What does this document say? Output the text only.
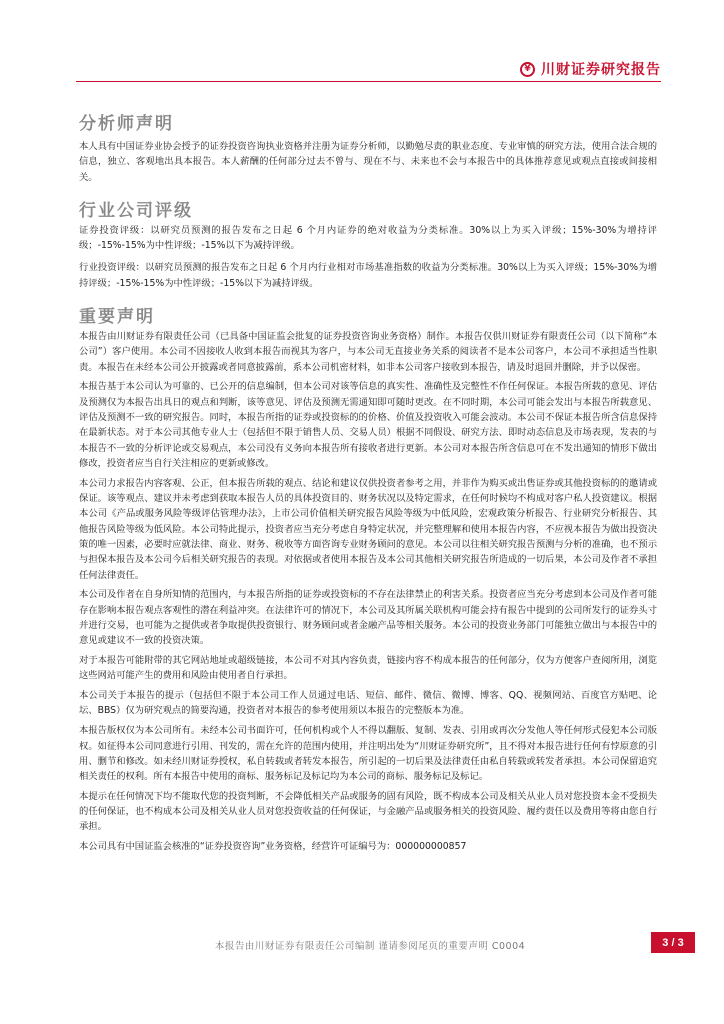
¥ 川财证券研究报告
分析师声明

本人具有中国证券业协会授予的证券投资咨询执业资格并注册为证券分析师，以勤勉尽责的职业态度、专业审慎的研究方法，使用合法合规的信息，独立、客观地出具本报告。本人薪酬的任何部分过去不曾与、现在不与、未来也不会与本报告中的具体推荐意见或观点直接或间接相关。

行业公司评级

证券投资评级：以研究员预测的报告发布之日起 6 个月内证券的绝对收益为分类标准。30%以上为买入评级；15%-30%为增持评级；-15%-15%为中性评级；-15%以下为减持评级。

行业投资评级：以研究员预测的报告发布之日起 6 个月内行业相对市场基准指数的收益为分类标准。30%以上为买入评级；15%-30%为增持评级；-15%-15%为中性评级；-15%以下为减持评级。

重要声明

本报告由川财证券有限责任公司（已具备中国证监会批复的证券投资咨询业务资格）制作。本报告仅供川财证券有限责任公司（以下简称“本公司”）客户使用。本公司不因接收人收到本报告而视其为客户，与本公司无直接业务关系的阅读者不是本公司客户，本公司不承担适当性职责。本报告在未经本公司公开披露或者同意披露前，系本公司机密材料，如非本公司客户接收到本报告，请及时退回并删除，并予以保密。

本报告基于本公司认为可靠的、已公开的信息编制，但本公司对该等信息的真实性、准确性及完整性不作任何保证。本报告所载的意见、评估及预测仅为本报告出具日的观点和判断，该等意见、评估及预测无需通知即可随时更改。在不同时期，本公司可能会发出与本报告所载意见、评估及预测不一致的研究报告。同时，本报告所指的证券或投资标的的价格、价值及投资收入可能会波动。本公司不保证本报告所含信息保持在最新状态。对于本公司其他专业人士（包括但不限于销售人员、交易人员）根据不同假设、研究方法、即时动态信息及市场表现，发表的与本报告不一致的分析评论或交易观点，本公司没有义务向本报告所有接收者进行更新。本公司对本报告所含信息可在不发出通知的情形下做出修改，投资者应当自行关注相应的更新或修改。

本公司力求报告内容客观、公正，但本报告所载的观点、结论和建议仅供投资者参考之用，并非作为购买或出售证券或其他投资标的的邀请或保证。该等观点、建议并未考虑到获取本报告人员的具体投资目的、财务状况以及特定需求，在任何时候均不构成对客户私人投资建议。根据本公司《产品或服务风险等级评估管理办法》，上市公司价值相关研究报告风险等级为中低风险，宏观政策分析报告、行业研究分析报告、其他报告风险等级为低风险。本公司特此提示，投资者应当充分考虑自身特定状况，并完整理解和使用本报告内容，不应视本报告为做出投资决策的唯一因素，必要时应就法律、商业、财务、税收等方面咨询专业财务顾问的意见。本公司以往相关研究报告预测与分析的准确，也不预示与担保本报告及本公司今后相关研究报告的表现。对依据或者使用本报告及本公司其他相关研究报告所造成的一切后果，本公司及作者不承担任何法律责任。

本公司及作者在自身所知情的范围内，与本报告所指的证券或投资标的不存在法律禁止的利害关系。投资者应当充分考虑到本公司及作者可能存在影响本报告观点客观性的潜在利益冲突。在法律许可的情况下，本公司及其所属关联机构可能会持有报告中提到的公司所发行的证券头寸并进行交易，也可能为之提供或者争取提供投资银行、财务顾问或者金融产品等相关服务。本公司的投资业务部门可能独立做出与本报告中的意见或建议不一致的投资决策。

对于本报告可能附带的其它网站地址或超级链接，本公司不对其内容负责，链接内容不构成本报告的任何部分，仅为方便客户查阅所用，浏览这些网站可能产生的费用和风险由使用者自行承担。

本公司关于本报告的提示（包括但不限于本公司工作人员通过电话、短信、邮件、微信、微博、博客、QQ、视频网站、百度官方贴吧、论坛、BBS）仅为研究观点的简要沟通，投资者对本报告的参考使用须以本报告的完整版本为准。

本报告版权仅为本公司所有。未经本公司书面许可，任何机构或个人不得以翻版、复制、发表、引用或再次分发他人等任何形式侵犯本公司版权。如征得本公司同意进行引用、刊发的，需在允许的范围内使用，并注明出处为“川财证券研究所”，且不得对本报告进行任何有悖原意的引用、删节和修改。如未经川财证券授权，私自转载或者转发本报告，所引起的一切后果及法律责任由私自转载或转发者承担。本公司保留追究相关责任的权利。所有本报告中使用的商标、服务标记及标记均为本公司的商标、服务标记及标记。

本提示在任何情况下均不能取代您的投资判断，不会降低相关产品或服务的固有风险，既不构成本公司及相关从业人员对您投资本金不受损失的任何保证，也不构成本公司及相关从业人员对您投资收益的任何保证，与金融产品或服务相关的投资风险、履约责任以及费用等将由您自行承担。

本公司具有中国证监会核准的“证券投资咨询”业务资格，经营许可证编号为：000000000857

本报告由川财证券有限责任公司编制 谨请参阅尾页的重要声明 C0004	3 / 3
